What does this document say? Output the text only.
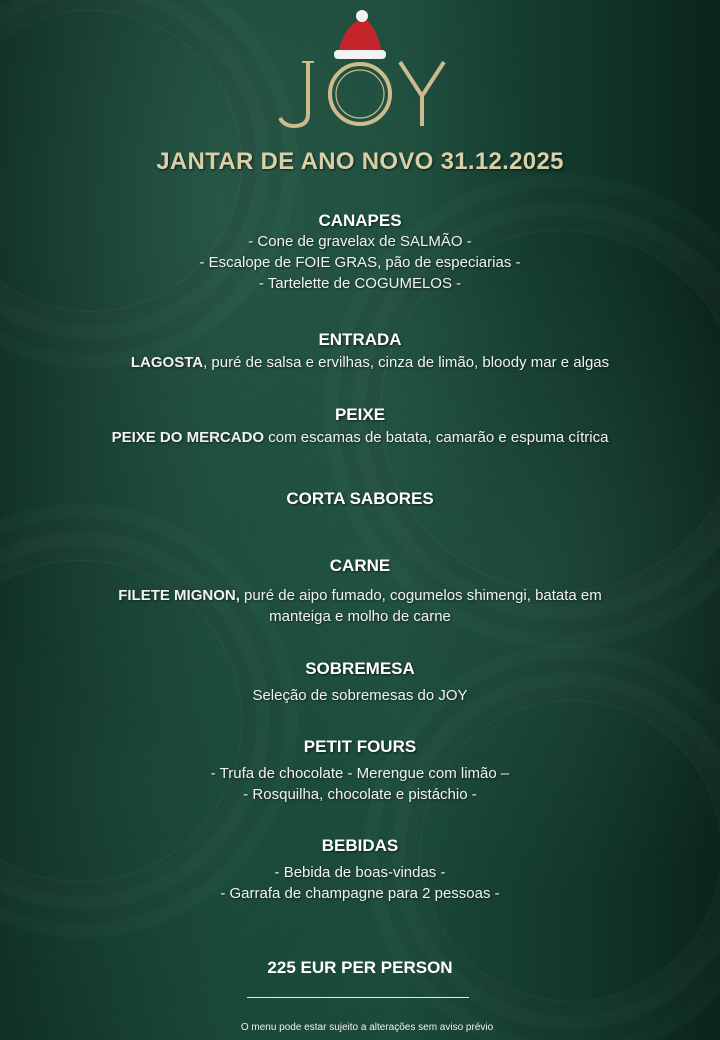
JOY
JANTAR DE ANO NOVO 31.12.2025
CANAPES
- Cone de gravelax de SALMÃO -
- Escalope de FOIE GRAS, pão de especiarias -
- Tartelette de COGUMELOS -
ENTRADA
LAGOSTA, puré de salsa e ervilhas, cinza de limão, bloody mar e algas
PEIXE
PEIXE DO MERCADO com escamas de batata, camarão e espuma cítrica
CORTA SABORES
CARNE
FILETE MIGNON, puré de aipo fumado, cogumelos shimengi, batata em
manteiga e molho de carne
SOBREMESA
Seleção de sobremesas do JOY
PETIT FOURS
- Trufa de chocolate - Merengue com limão –
- Rosquilha, chocolate e pistáchio -
BEBIDAS
- Bebida de boas-vindas -
- Garrafa de champagne para 2 pessoas -
225 EUR PER PERSON
O menu pode estar sujeito a alterações sem aviso prévio
